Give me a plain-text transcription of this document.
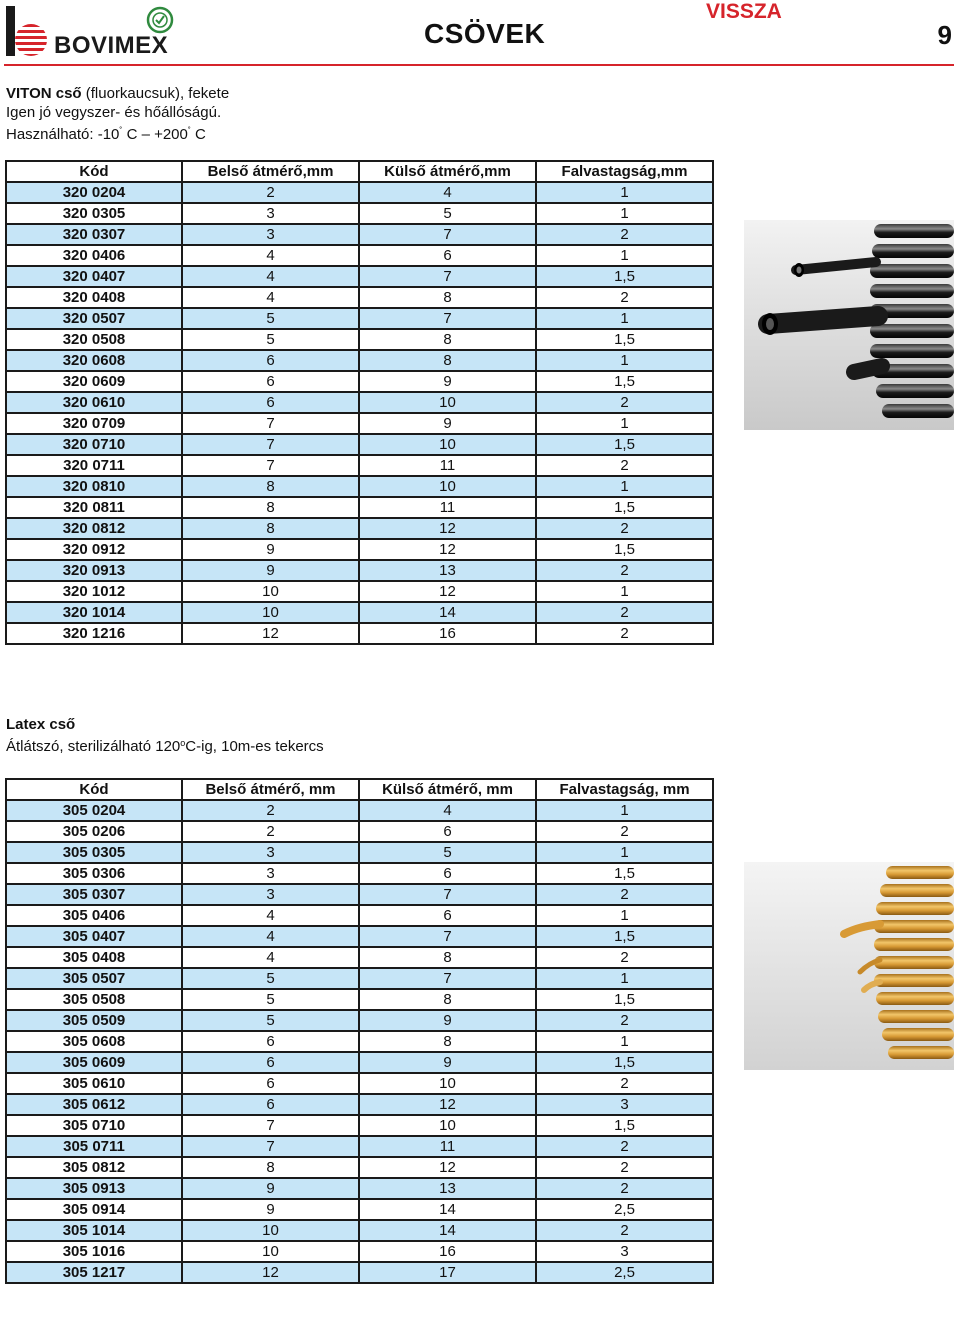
BOVIMEX	CSÖVEK
VISSZA
9
VITON cső (fluorkaucsuk), fekete
Igen jó vegyszer- és hőállóságú.
Használható: -10˚ C – +200˚ C
Kód	Belső átmérő,mm	Külső átmérő,mm	Falvastagság,mm
320 0204	2	4	1
320 0305	3	5	1
320 0307	3	7	2
320 0406	4	6	1
320 0407	4	7	1,5
320 0408	4	8	2
320 0507	5	7	1
320 0508	5	8	1,5
320 0608	6	8	1
320 0609	6	9	1,5
320 0610	6	10	2
320 0709	7	9	1
320 0710	7	10	1,5
320 0711	7	11	2
320 0810	8	10	1
320 0811	8	11	1,5
320 0812	8	12	2
320 0912	9	12	1,5
320 0913	9	13	2
320 1012	10	12	1
320 1014	10	14	2
320 1216	12	16	2
Latex cső
Átlátszó, sterilizálható 120$^o$C-ig, 10m-es tekercs
Kód	Belső átmérő, mm	Külső átmérő, mm	Falvastagság, mm
305 0204	2	4	1
305 0206	2	6	2
305 0305	3	5	1
305 0306	3	6	1,5
305 0307	3	7	2
305 0406	4	6	1
305 0407	4	7	1,5
305 0408	4	8	2
305 0507	5	7	1
305 0508	5	8	1,5
305 0509	5	9	2
305 0608	6	8	1
305 0609	6	9	1,5
305 0610	6	10	2
305 0612	6	12	3
305 0710	7	10	1,5
305 0711	7	11	2
305 0812	8	12	2
305 0913	9	13	2
305 0914	9	14	2,5
305 1014	10	14	2
305 1016	10	16	3
305 1217	12	17	2,5
